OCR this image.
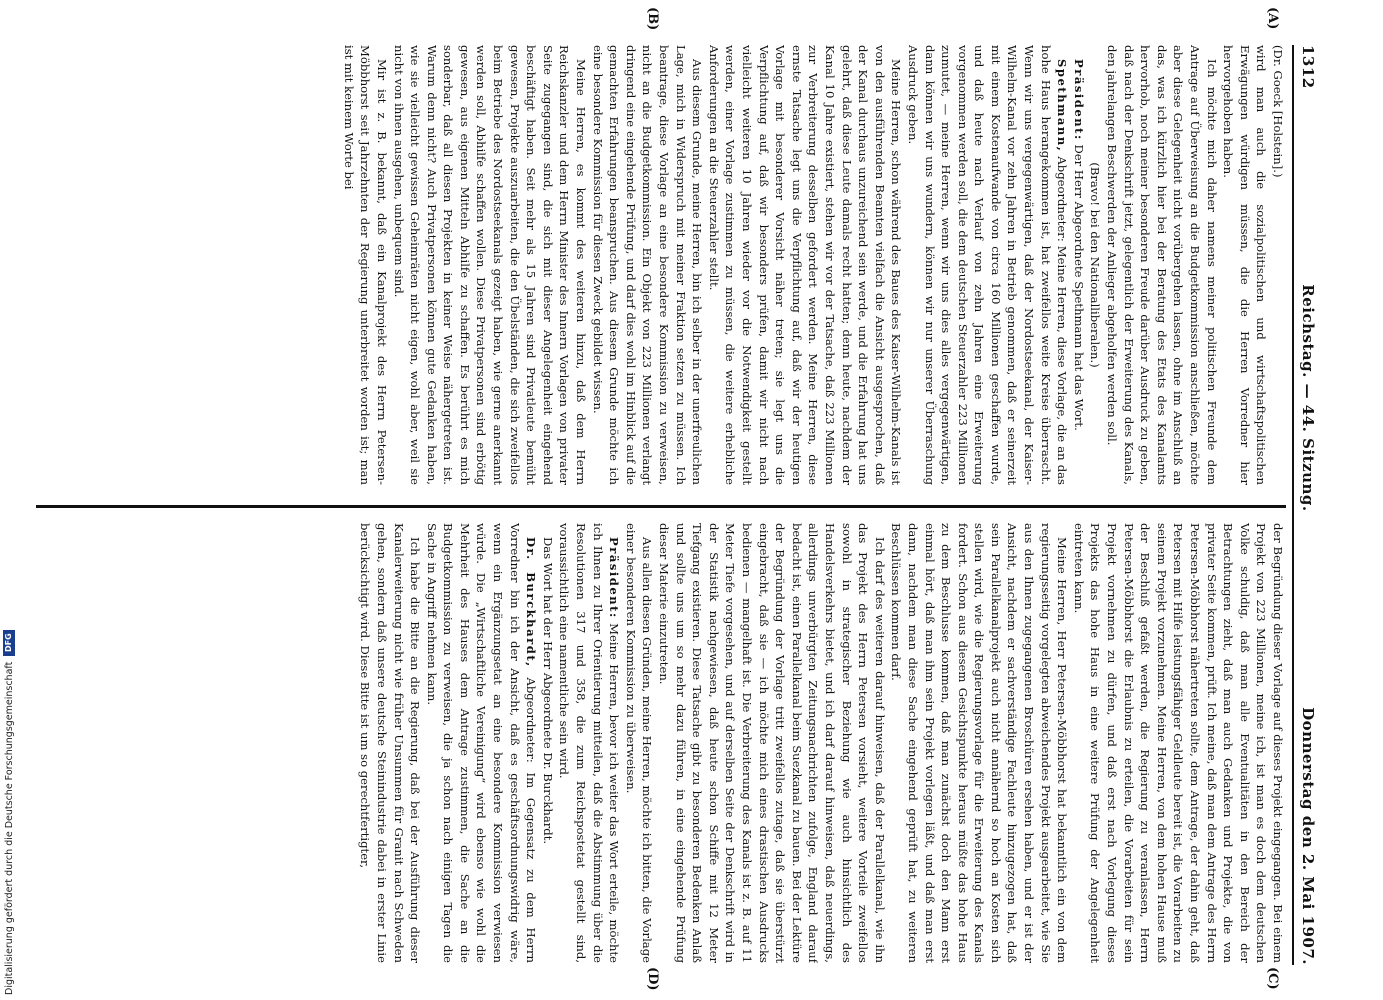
1312
Reichstag. — 44. Sitzung.
Donnerstag den 2. Mai 1907.
(A)
(B)
(C)
(D)

(Dr. Goeck [Holstein].)

wird man auch die sozialpolitischen und wirtschaftspolitischen Erwägungen würdigen müssen, die die Herren Vorredner hier hervorgehoben haben.

Ich möchte mich daher namens meiner politischen Freunde dem Antrage auf Überweisung an die Budgetkommission anschließen, möchte aber diese Gelegenheit nicht vorübergehen lassen, ohne im Anschluß an das, was ich kürzlich hier bei der Beratung des Etats des Kanalamts hervorhob, noch meiner besonderen Freude darüber Ausdruck zu geben, daß nach der Denkschrift jetzt, gelegentlich der Erweiterung des Kanals, den jahrelangen Beschwerden der Anlieger abgeholfen werden soll.

(Bravo! bei den Nationalliberalen.)

Präsident: Der Herr Abgeordnete Spethmann hat das Wort.

Spethmann, Abgeordneter: Meine Herren, diese Vorlage, die an das hohe Haus herangekommen ist, hat zweifellos weite Kreise überrascht. Wenn wir uns vergegenwärtigen, daß der Nordostseekanal, der Kaiser-Wilhelm-Kanal vor zehn Jahren in Betrieb genommen, daß er seinerzeit mit einem Kostenaufwande von circa 160 Millionen geschaffen wurde, und daß heute nach Verlauf von zehn Jahren eine Erweiterung vorgenommen werden soll, die dem deutschen Steuerzahler 223 Millionen zumutet, — meine Herren, wenn wir uns dies alles vergegenwärtigen, dann können wir uns wundern, können wir nur unserer Überraschung Ausdruck geben.

Meine Herren, schon während des Baues des Kaiser-Wilhelm-Kanals ist von den ausführenden Beamten vielfach die Ansicht ausgesprochen, daß der Kanal durchaus unzureichend sein werde, und die Erfahrung hat uns gelehrt, daß diese Leute damals recht hatten; denn heute, nachdem der Kanal 10 Jahre existiert, stehen wir vor der Tatsache, daß 223 Millionen zur Verbreiterung desselben gefordert werden. Meine Herren, diese ernste Tatsache legt uns die Verpflichtung auf, daß wir der heutigen Vorlage mit besonderer Vorsicht näher treten; sie legt uns die Verpflichtung auf, daß wir besonders prüfen, damit wir nicht nach vielleicht weiteren 10 Jahren wieder vor die Notwendigkeit gestellt werden, einer Vorlage zustimmen zu müssen, die weitere erhebliche Anforderungen an die Steuerzahler stellt.

Aus diesem Grunde, meine Herren, bin ich selber in der unerfreulichen Lage, mich in Widerspruch mit meiner Fraktion setzen zu müssen. Ich beantrage, diese Vorlage an eine besondere Kommission zu verweisen, nicht an die Budgetkommission. Ein Objekt von 223 Millionen verlangt dringend eine eingehende Prüfung, und darf dies wohl im Hinblick auf die gemachten Erfahrungen beanspruchen. Aus diesem Grunde möchte ich eine besondere Kommission für diesen Zweck gebildet wissen.

Meine Herren, es kommt des weiteren hinzu, daß dem Herrn Reichskanzler und dem Herrn Minister des Innern Vorlagen von privater Seite zugegangen sind, die sich mit dieser Angelegenheit eingehend beschäftigt haben. Seit mehr als 15 Jahren sind Privatleute bemüht gewesen, Projekte auszuarbeiten, die den Übelständen, die sich zweifellos beim Betriebe des Nordostseekanals gezeigt haben, wie gerne anerkannt werden soll, Abhilfe schaffen wollen. Diese Privatpersonen sind erbötig gewesen, aus eigenen Mitteln Abhilfe zu schaffen. Es berührt es mich sonderbar, daß all diesen Projekten in keiner Weise nähergetreten ist. Warum denn nicht? Auch Privatpersonen können gute Gedanken haben, wie sie vielleicht gewissen Geheimräten nicht eigen, wohl aber, weil sie nicht von ihnen ausgehen, unbequem sind.

Mir ist z. B. bekannt, daß ein Kanalprojekt des Herrn Petersen-Möbbhorst seit Jahrzehnten der Regierung unterbreitet worden ist; man ist mit keinem Worte bei

der Begründung dieser Vorlage auf dieses Projekt eingegangen. Bei einem Projekt von 223 Millionen, meine ich, ist man es doch dem deutschen Volke schuldig, daß man alle Eventualitäten in den Bereich der Betrachtungen zieht, daß man auch Gedanken und Projekte, die von privater Seite kommen, prüft. Ich meine, daß man dem Antrage des Herrn Petersen-Möbbhorst nähertreten sollte, dem Antrage, der dahin geht, daß Petersen mit Hilfe leistungsfähiger Geldleute bereit ist, die Vorarbeiten zu seinem Projekt vorzunehmen. Meine Herren, von dem hohen Hause muß der Beschluß gefaßt werden, die Regierung zu veranlassen, Herrn Petersen-Möbbhorst die Erlaubnis zu erteilen, die Vorarbeiten für sein Projekt vornehmen zu dürfen, und daß erst nach Vorlegung dieses Projekts das hohe Haus in eine weitere Prüfung der Angelegenheit eintreten kann.

Meine Herren, Herr Petersen-Möbbhorst hat bekanntlich ein von dem regierungsseitig vorgelegten abweichendes Projekt ausgearbeitet, wie Sie aus den Ihnen zugegangenen Broschüren ersehen haben, und er ist der Ansicht, nachdem er sachverständige Fachleute hinzugezogen hat, daß sein Parallelkanalprojekt auch nicht annähernd so hoch an Kosten sich stellen wird, wie die Regierungsvorlage für die Erweiterung des Kanals fordert. Schon aus diesem Gesichtspunkte heraus müßte das hohe Haus zu dem Beschlusse kommen, daß man zunächst doch den Mann erst einmal hört, daß man ihm sein Projekt vorlegen läßt, und daß man erst dann, nachdem man diese Sache eingehend geprüft hat, zu weiteren Beschlüssen kommen darf.

Ich darf des weiteren darauf hinweisen, daß der Parallelkanal, wie ihn das Projekt des Herrn Petersen vorsieht, weitere Vorteile zweifellos sowohl in strategischer Beziehung wie auch hinsichtlich des Handelsverkehrs bietet, und ich darf darauf hinweisen, daß neuerdings, allerdings unverbürgten Zeitungsnachrichten zufolge, England darauf bedacht ist, einen Parallelkanal beim Suezkanal zu bauen. Bei der Lektüre der Begründung der Vorlage tritt zweifellos zutage, daß sie überstürzt eingebracht, daß sie — ich möchte mich eines drastischen Ausdrucks bedienen — mangelhaft ist. Die Verbreiterung des Kanals ist z. B. auf 11 Meter Tiefe vorgesehen, und auf derselben Seite der Denkschrift wird in der Statistik nachgewiesen, daß heute schon Schiffe mit 12 Meter Tiefgang existieren. Diese Tatsache gibt zu besonderen Bedenken Anlaß und sollte uns um so mehr dazu führen, in eine eingehende Prüfung dieser Materie einzutreten.

Aus allen diesen Gründen, meine Herren, möchte ich bitten, die Vorlage einer besonderen Kommission zu überweisen.

Präsident: Meine Herren, bevor ich weiter das Wort erteile, möchte ich Ihnen zu Ihrer Orientierung mitteilen, daß die Abstimmung über die Resolutionen 317 und 358, die zum Reichspostetat gestellt sind, voraussichtlich eine namentliche sein wird.

Das Wort hat der Herr Abgeordnete Dr. Burckhardt.

Dr. Burckhardt, Abgeordneter: Im Gegensatz zu dem Herrn Vorredner bin ich der Ansicht, daß es geschäftsordnungswidrig wäre, wenn ein Ergänzungsetat an eine besondere Kommission verwiesen würde. Die „Wirtschaftliche Vereinigung“ wird ebenso wie wohl die Mehrheit des Hauses dem Antrage zustimmen, die Sache an die Budgetkommission zu verweisen, die ja schon nach einigen Tagen die Sache in Angriff nehmen kann.

Ich habe die Bitte an die Regierung, daß bei der Ausführung dieser Kanalerweiterung nicht wie früher Unsummen für Granit nach Schweden gehen, sondern daß unsere deutsche Steinindustrie dabei in erster Linie berücksichtigt wird. Diese Bitte ist um so gerechtfertigter,

Digitalisierung gefördert durch die Deutsche Forschungsgemeinschaft
DFG
